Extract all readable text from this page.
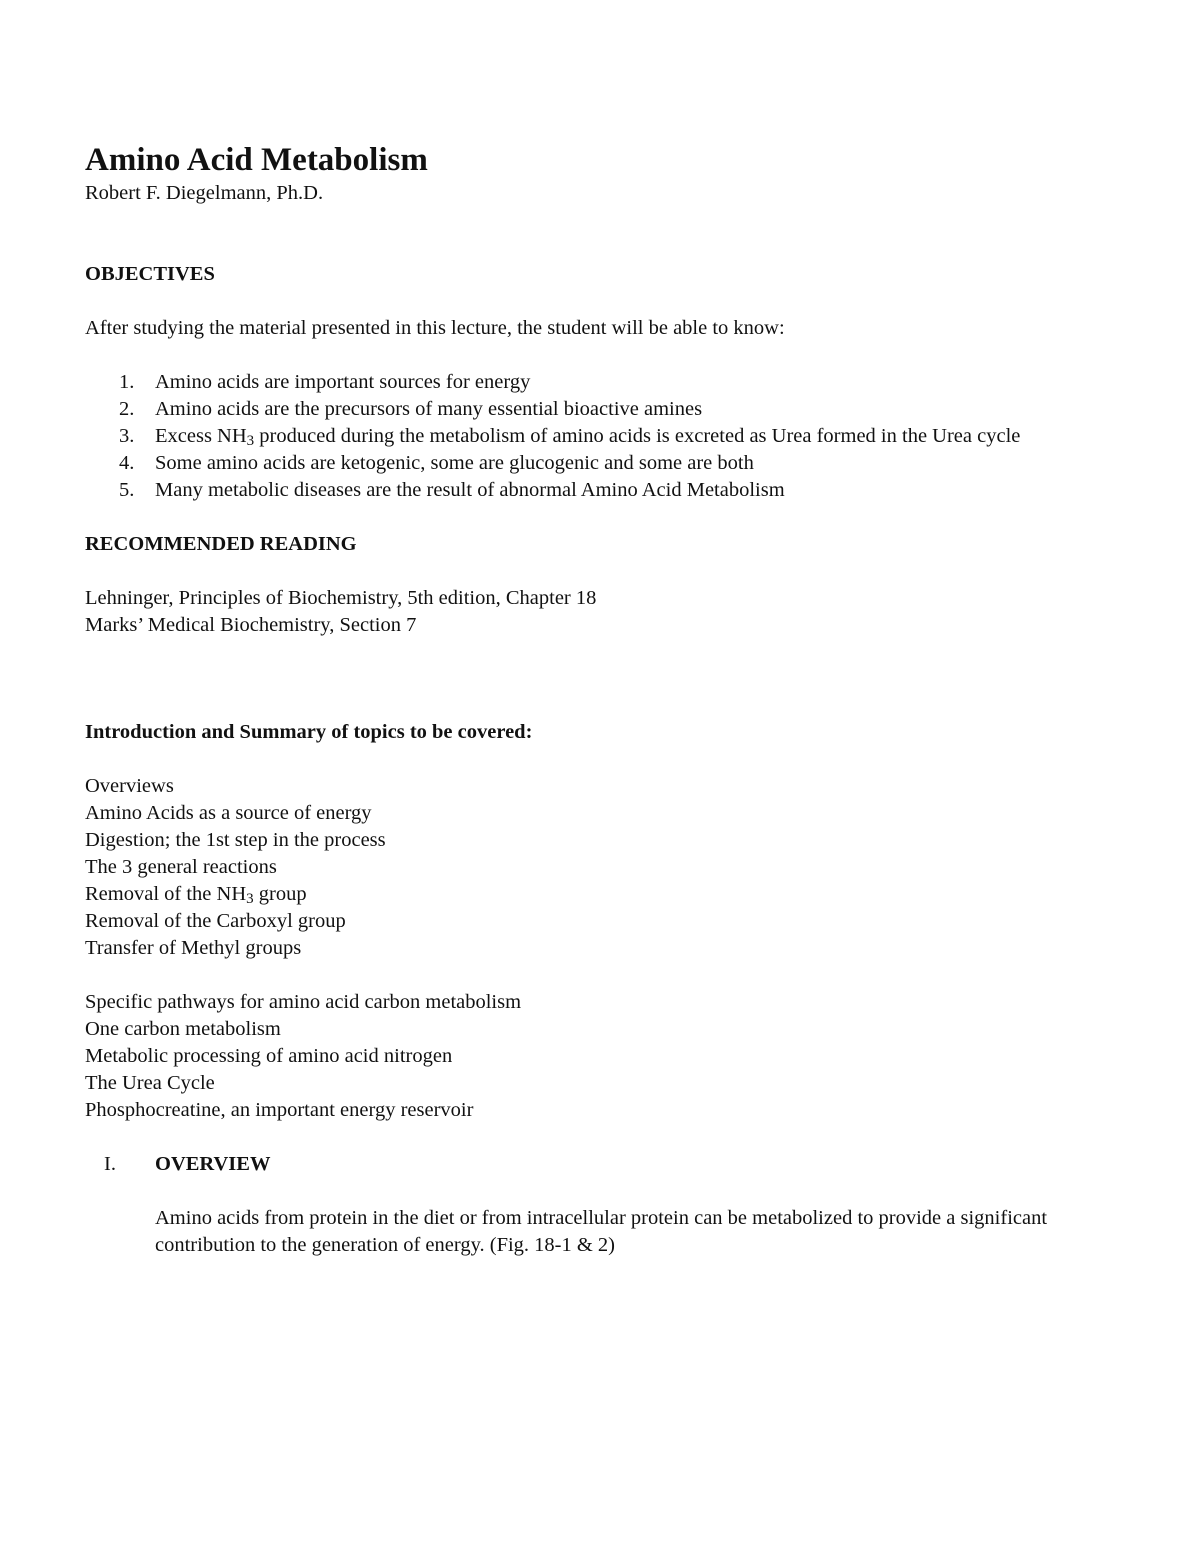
Amino Acid Metabolism

Robert F. Diegelmann, Ph.D.

OBJECTIVES

After studying the material presented in this lecture, the student will be able to know:

1.	Amino acids are important sources for energy
2.	Amino acids are the precursors of many essential bioactive amines
3.	Excess $NH_3$ produced during the metabolism of amino acids is excreted as Urea formed in the Urea cycle
4.	Some amino acids are ketogenic, some are glucogenic and some are both
5.	Many metabolic diseases are the result of abnormal Amino Acid Metabolism

RECOMMENDED READING

Lehninger, Principles of Biochemistry, 5th edition, Chapter 18
Marks’ Medical Biochemistry, Section 7

Introduction and Summary of topics to be covered:

Overviews
Amino Acids as a source of energy
Digestion; the 1st step in the process
The 3 general reactions
Removal of the $NH_3$ group
Removal of the Carboxyl group
Transfer of Methyl groups
Specific pathways for amino acid carbon metabolism
One carbon metabolism
Metabolic processing of amino acid nitrogen
The Urea Cycle
Phosphocreatine, an important energy reservoir
I. OVERVIEW

Amino acids from protein in the diet or from intracellular protein can be metabolized to provide a significant contribution to the generation of energy. (Fig. 18-1 & 2)
